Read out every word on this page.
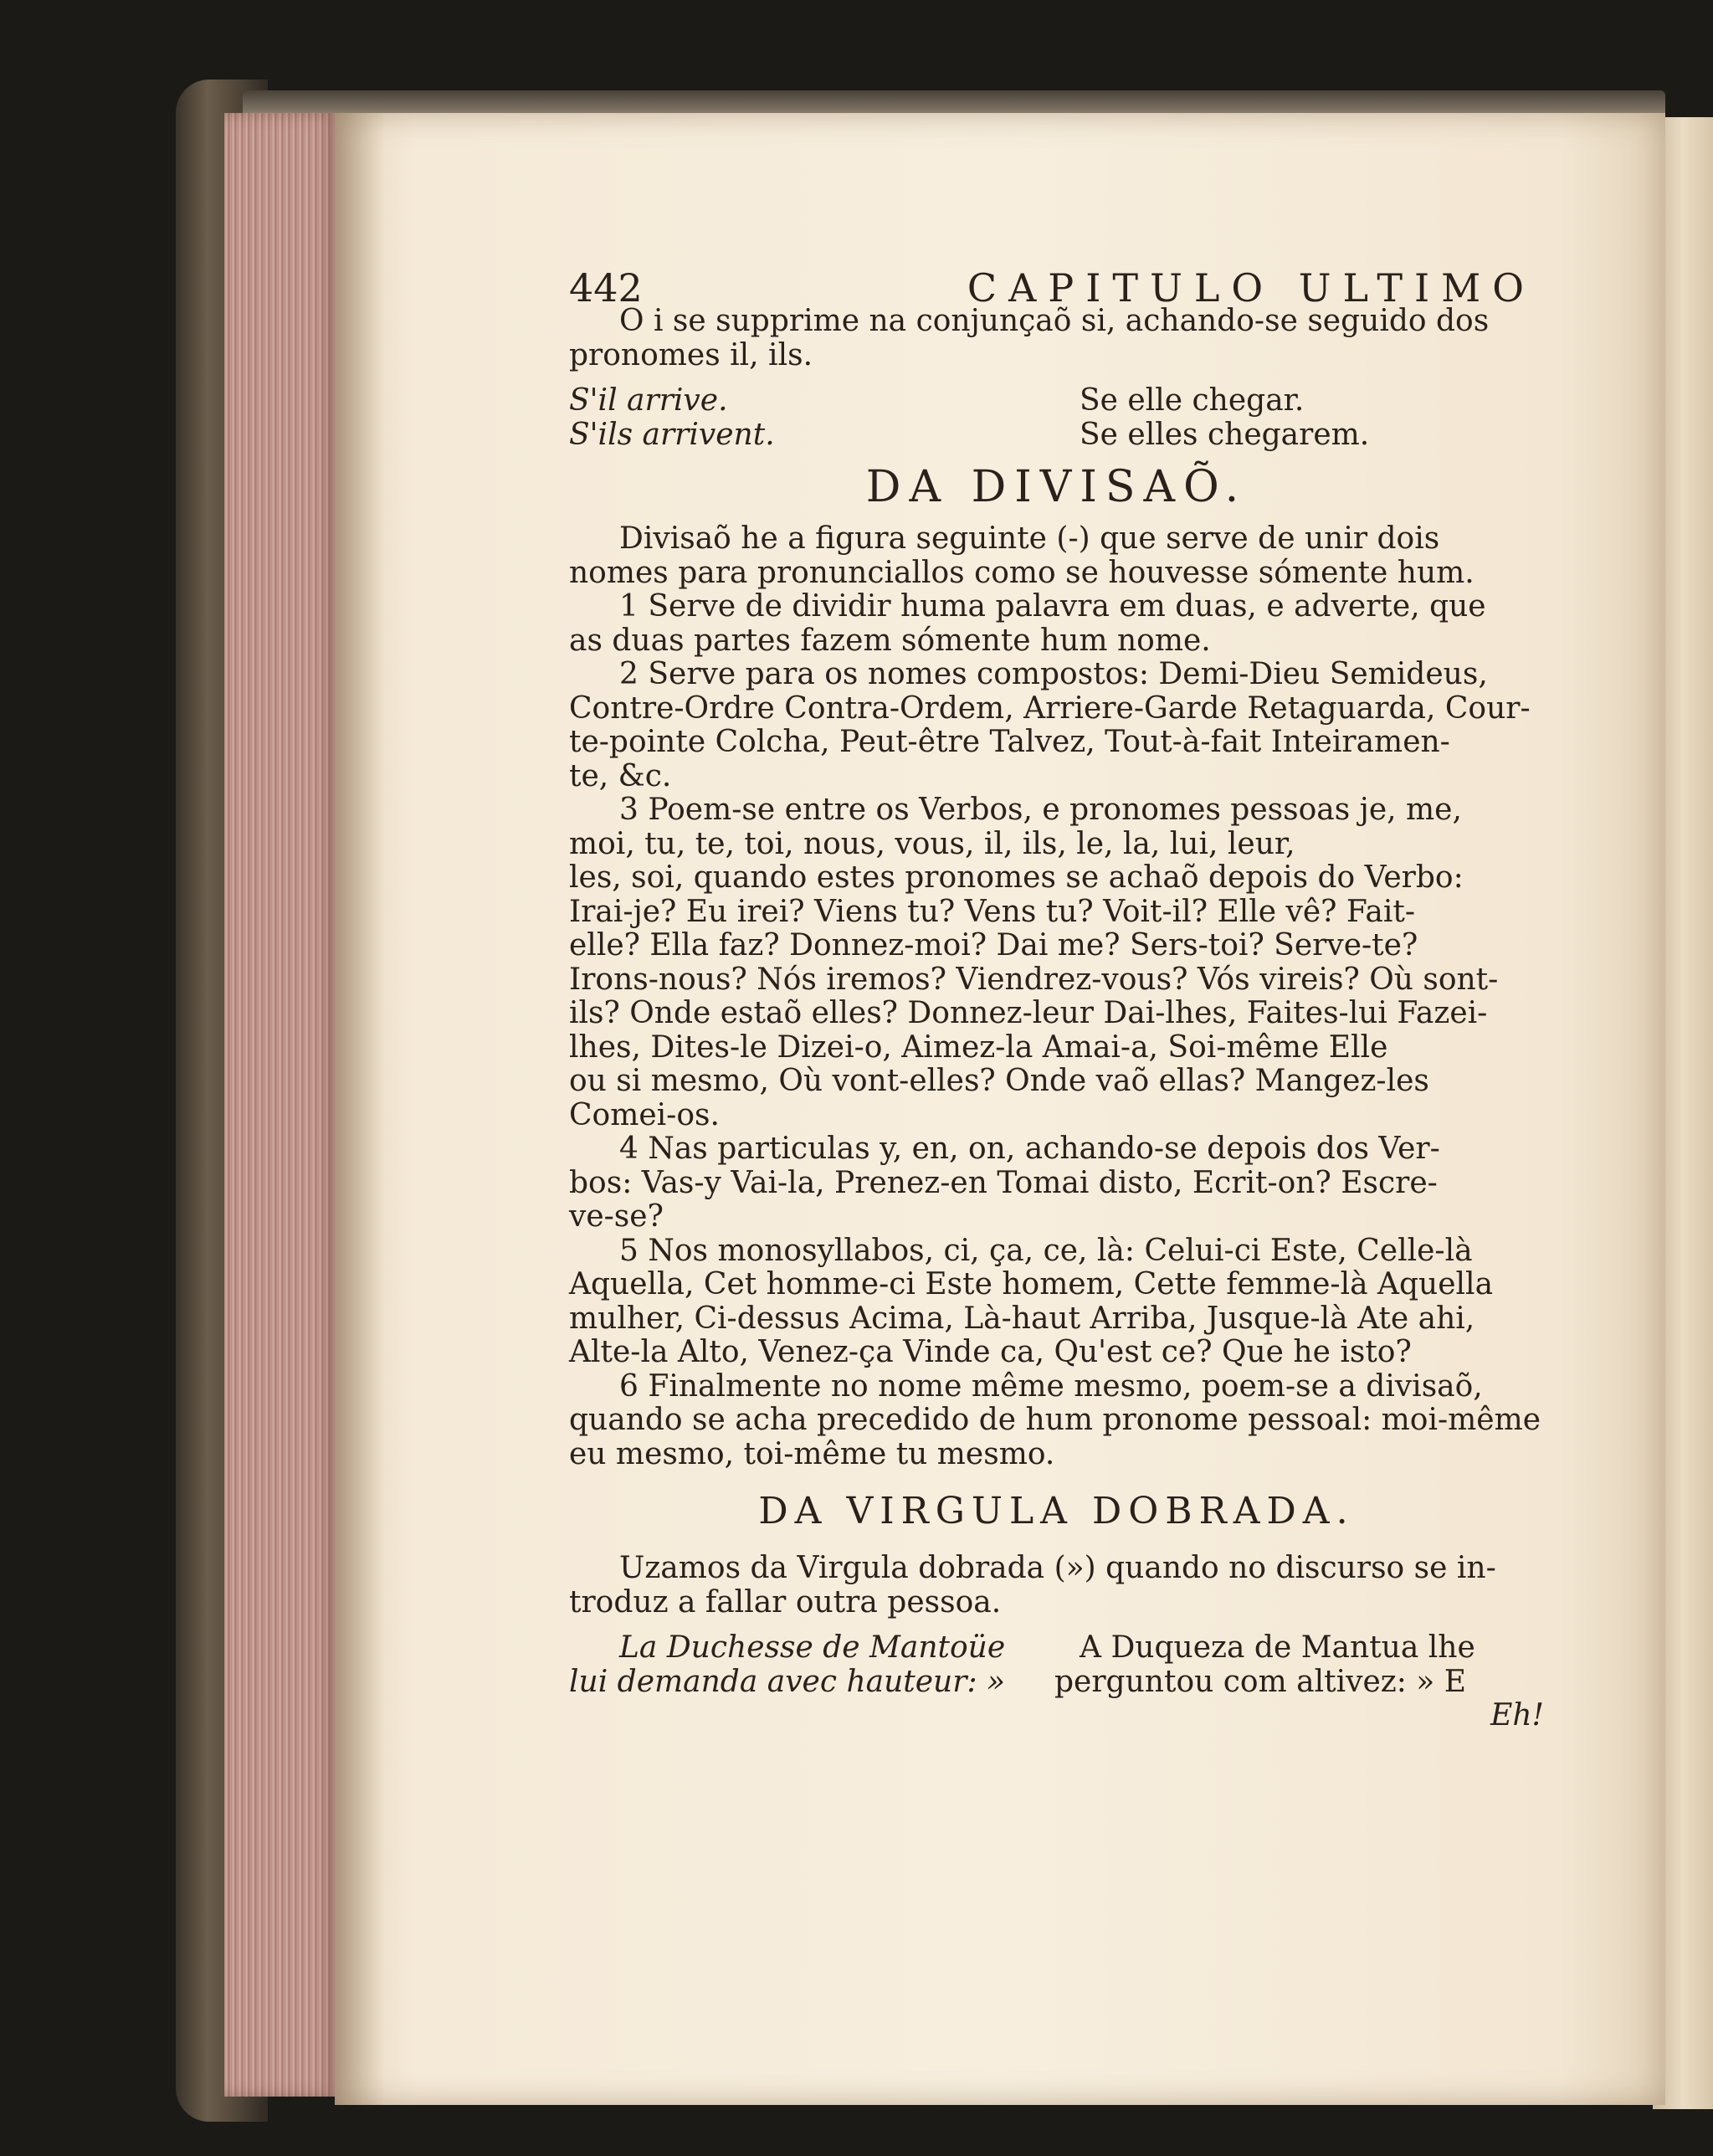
442	CAPITULO ULTIMO
O i se supprime na conjunçaõ si, achando-se seguido dos
pronomes il, ils.
S'il arrive.	Se elle chegar.
S'ils arrivent.	Se elles chegarem.
DA DIVISAÕ.
Divisaõ he a figura seguinte (-) que serve de unir dois
nomes para pronunciallos como se houvesse sómente hum.
1 Serve de dividir huma palavra em duas, e adverte, que
as duas partes fazem sómente hum nome.
2 Serve para os nomes compostos: Demi-Dieu Semideus,
Contre-Ordre Contra-Ordem, Arriere-Garde Retaguarda, Cour-
te-pointe Colcha, Peut-être Talvez, Tout-à-fait Inteiramen-
te, &c.
3 Poem-se entre os Verbos, e pronomes pessoas je, me,
moi, tu, te, toi, nous, vous, il, ils, le, la, lui, leur,
les, soi, quando estes pronomes se achaõ depois do Verbo:
Irai-je? Eu irei? Viens tu? Vens tu? Voit-il? Elle vê? Fait-
elle? Ella faz? Donnez-moi? Dai me? Sers-toi? Serve-te?
Irons-nous? Nós iremos? Viendrez-vous? Vós vireis? Où sont-
ils? Onde estaõ elles? Donnez-leur Dai-lhes, Faites-lui Fazei-
lhes, Dites-le Dizei-o, Aimez-la Amai-a, Soi-même Elle
ou si mesmo, Où vont-elles? Onde vaõ ellas? Mangez-les
Comei-os.
4 Nas particulas y, en, on, achando-se depois dos Ver-
bos: Vas-y Vai-la, Prenez-en Tomai disto, Ecrit-on? Escre-
ve-se?
5 Nos monosyllabos, ci, ça, ce, là: Celui-ci Este, Celle-là
Aquella, Cet homme-ci Este homem, Cette femme-là Aquella
mulher, Ci-dessus Acima, Là-haut Arriba, Jusque-là Ate ahi,
Alte-la Alto, Venez-ça Vinde ca, Qu'est ce? Que he isto?
6 Finalmente no nome même mesmo, poem-se a divisaõ,
quando se acha precedido de hum pronome pessoal: moi-même
eu mesmo, toi-même tu mesmo.
DA VIRGULA DOBRADA.
Uzamos da Virgula dobrada (») quando no discurso se in-
troduz a fallar outra pessoa.
La Duchesse de Mantoüe	A Duqueza de Mantua lhe
lui demanda avec hauteur: »	perguntou com altivez: » E
Eh!
